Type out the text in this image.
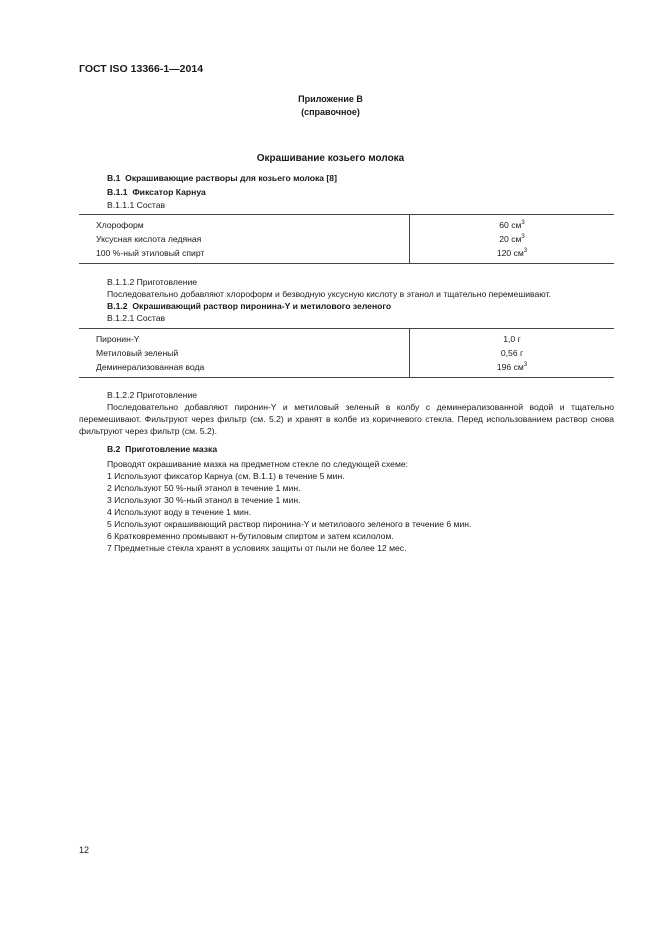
ГОСТ ISO 13366-1—2014
Приложение В
(справочное)
Окрашивание козьего молока
В.1 Окрашивающие растворы для козьего молока [8]
В.1.1 Фиксатор Карнуа
В.1.1.1 Состав
Хлороформ	60 $см^3$
Уксусная кислота ледяная	20 $см^3$
100 %-ный этиловый спирт	120 $см^3$
В.1.1.2 Приготовление
Последовательно добавляют хлороформ и безводную уксусную кислоту в этанол и тщательно перемешивают.
В.1.2 Окрашивающий раствор пиронина-Y и метилового зеленого
В.1.2.1 Состав
Пиронин-Y	1,0 г
Метиловый зеленый	0,56 г
Деминерализованная вода	196 $см^3$
В.1.2.2 Приготовление
Последовательно добавляют пиронин-Y и метиловый зеленый в колбу с деминерализованной водой и тщательно перемешивают. Фильтруют через фильтр (см. 5.2) и хранят в колбе из коричневого стекла. Перед использованием раствор снова фильтруют через фильтр (см. 5.2).
В.2 Приготовление мазка
Проводят окрашивание мазка на предметном стекле по следующей схеме:
1 Используют фиксатор Карнуа (см. В.1.1) в течение 5 мин.
2 Используют 50 %-ный этанол в течение 1 мин.
3 Используют 30 %-ный этанол в течение 1 мин.
4 Используют воду в течение 1 мин.
5 Используют окрашивающий раствор пиронина-Y и метилового зеленого в течение 6 мин.
6 Кратковременно промывают н-бутиловым спиртом и затем ксилолом.
7 Предметные стекла хранят в условиях защиты от пыли не более 12 мес.
12
